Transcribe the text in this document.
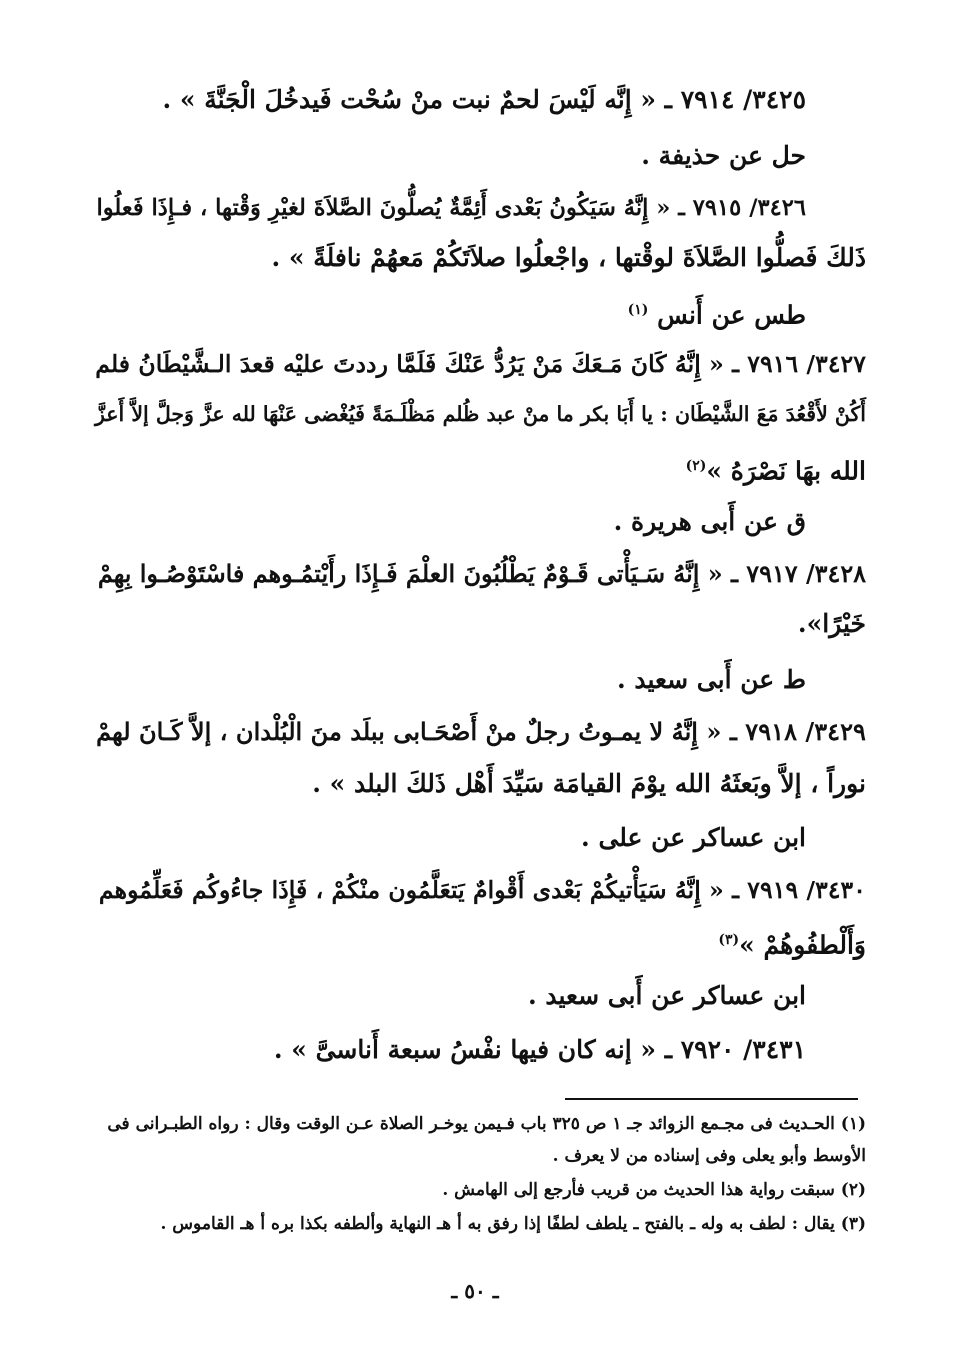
٣٤٢٥/ ٧٩١٤ ـ « إِنَّه لَيْسَ لحمٌ نبت منْ سُحْت فَيدخُلَ الْجَنَّةَ » .
حل عن حذيفة .
٣٤٢٦/ ٧٩١٥ ـ « إِنَّهُ سَيَكُونُ بَعْدى أَئِمَّةٌ يُصلُّونَ الصَّلاَةَ لغيْرِ وَقْتها ، فـإِذَا فَعلُوا
ذَلكَ فَصلُّوا الصَّلاَةَ لوقْتها ، واجْعلُوا صلاَتَكُمْ مَعهُمْ نافلَةً » .
طس عن أَنس $^{(١)}$
٣٤٢٧/ ٧٩١٦ ـ « إِنَّهُ كَانَ مَـعَكَ مَنْ يَرُدُّ عَنْكَ فَلَمَّا رددتَ عليْه قعدَ الـشَّيْطَانُ فلم
أَكُنْ لأَقْعُدَ مَعَ الشَّيْطَان : يا أَبَا بكر ما منْ عبد ظُلم مَظْلَـمَةً فَيُغْضى عَنْهَا لله عزَّ وَجلَّ إلاَّ أَعزَّ
الله بهَا نَصْرَهُ »$^{(٢)}$
ق عن أَبى هريرة .
٣٤٢٨/ ٧٩١٧ ـ « إِنَّهُ سَـيَأْتى قَـوْمٌ يَطْلُبُونَ العلْمَ فَـإِذَا رأَيْتمُـوهم فاسْتَوْصُـوا بِهِمْ
خَيْرًا».
ط عن أَبى سعيد .
٣٤٢٩/ ٧٩١٨ ـ « إِنَّهُ لا يمـوتُ رجلٌ منْ أَصْحَـابى ببلَد منَ الْبُلْدان ، إلاَّ كَـانَ لهمْ
نوراً ، إلاَّ وبَعثَهُ الله يوْمَ القيامَة سَيِّدَ أَهْل ذَلكَ البلد » .
ابن عساكر عن على .
٣٤٣٠/ ٧٩١٩ ـ « إِنَّهُ سَيَأْتيكُمْ بَعْدى أَقْوامٌ يَتعَلَّمُون منْكُمْ ، فَإِذَا جاءُوكُم فَعَلِّمُوهم
وَأَلْطفُوهُمْ »$^{(٣)}$
ابن عساكر عن أَبى سعيد .
٣٤٣١/ ٧٩٢٠ ـ « إنه كان فيها نفْسُ سبعة أَناسىَّ » .
(١) الحـديث فى مجـمع الزوائد جـ ١ ص ٣٢٥ باب فـيمن يوخـر الصلاة عـن الوقت وقال : رواه الطبـرانى فى
الأوسط وأبو يعلى وفى إسناده من لا يعرف .
(٢) سبقت رواية هذا الحديث من قريب فأرجع إلى الهامش .
(٣) يقال : لطف به وله ـ بالفتح ـ يلطف لطفًا إذا رفق به أ هـ النهاية وألطفه بكذا بره أ هـ القاموس .
ـ ٥٠ ـ
